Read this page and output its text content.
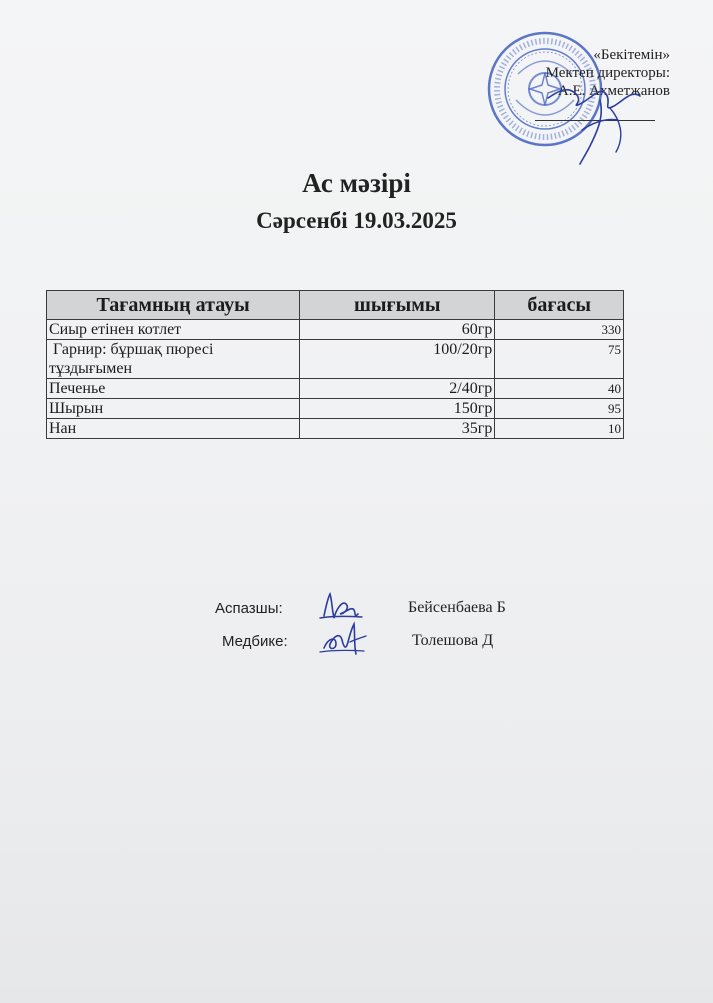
«Бекітемін»
Мектеп директоры:
А.Е. Ахметжанов
Ас мәзірі
Сәрсенбі 19.03.2025
Тағамның атауы	шығымы	бағасы
Сиыр етінен котлет	60гр	330
Гарнир: бұршақ пюресі тұздығымен	100/20гр	75
Печенье	2/40гр	40
Шырын	150гр	95
Нан	35гр	10
Аспазшы:	Бейсенбаева Б
Медбике:	Толешова Д
